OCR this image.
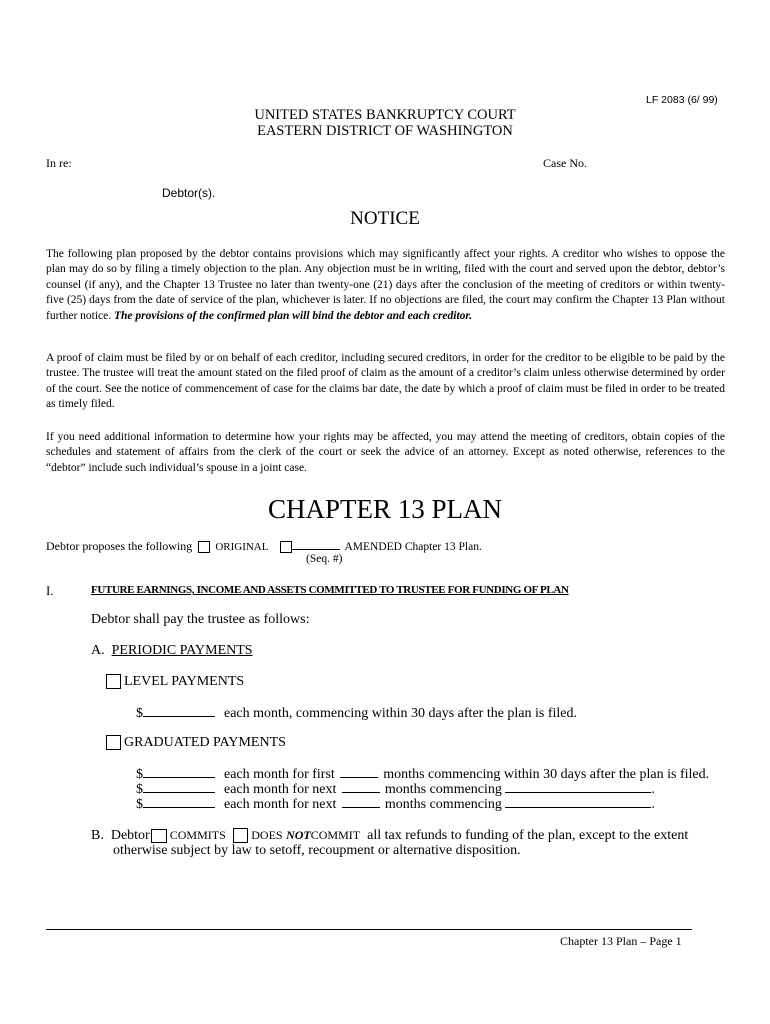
LF 2083 (6/ 99)
UNITED STATES BANKRUPTCY COURT
EASTERN DISTRICT OF WASHINGTON
In re:	Case No.
Debtor(s).
NOTICE
The following plan proposed by the debtor contains provisions which may significantly affect your rights. A creditor who wishes to oppose the plan may do so by filing a timely objection to the plan. Any objection must be in writing, filed with the court and served upon the debtor, debtor’s counsel (if any), and the Chapter 13 Trustee no later than twenty-one (21) days after the conclusion of the meeting of creditors or within twenty-five (25) days from the date of service of the plan, whichever is later. If no objections are filed, the court may confirm the Chapter 13 Plan without further notice. The provisions of the confirmed plan will bind the debtor and each creditor.
A proof of claim must be filed by or on behalf of each creditor, including secured creditors, in order for the creditor to be eligible to be paid by the trustee. The trustee will treat the amount stated on the filed proof of claim as the amount of a creditor’s claim unless otherwise determined by order of the court. See the notice of commencement of case for the claims bar date, the date by which a proof of claim must be filed in order to be treated as timely filed.
If you need additional information to determine how your rights may be affected, you may attend the meeting of creditors, obtain copies of the schedules and statement of affairs from the clerk of the court or seek the advice of an attorney. Except as noted otherwise, references to the “debtor” include such individual’s spouse in a joint case.
CHAPTER 13 PLAN
Debtor proposes the following ORIGINAL	AMENDED Chapter 13 Plan.
(Seq. #)
I.	FUTURE EARNINGS, INCOME AND ASSETS COMMITTED TO TRUSTEE FOR FUNDING OF PLAN
Debtor shall pay the trustee as follows:
A. PERIODIC PAYMENTS
LEVEL PAYMENTS
$	each month, commencing within 30 days after the plan is filed.
GRADUATED PAYMENTS
$	each month for first	months commencing within 30 days after the plan is filed.
$	each month for next	months commencing	.
$	each month for next	months commencing	.
B. Debtor COMMITS DOES NOTCOMMIT all tax refunds to funding of the plan, except to the extent
otherwise subject by law to setoff, recoupment or alternative disposition.
Chapter 13 Plan – Page 1
